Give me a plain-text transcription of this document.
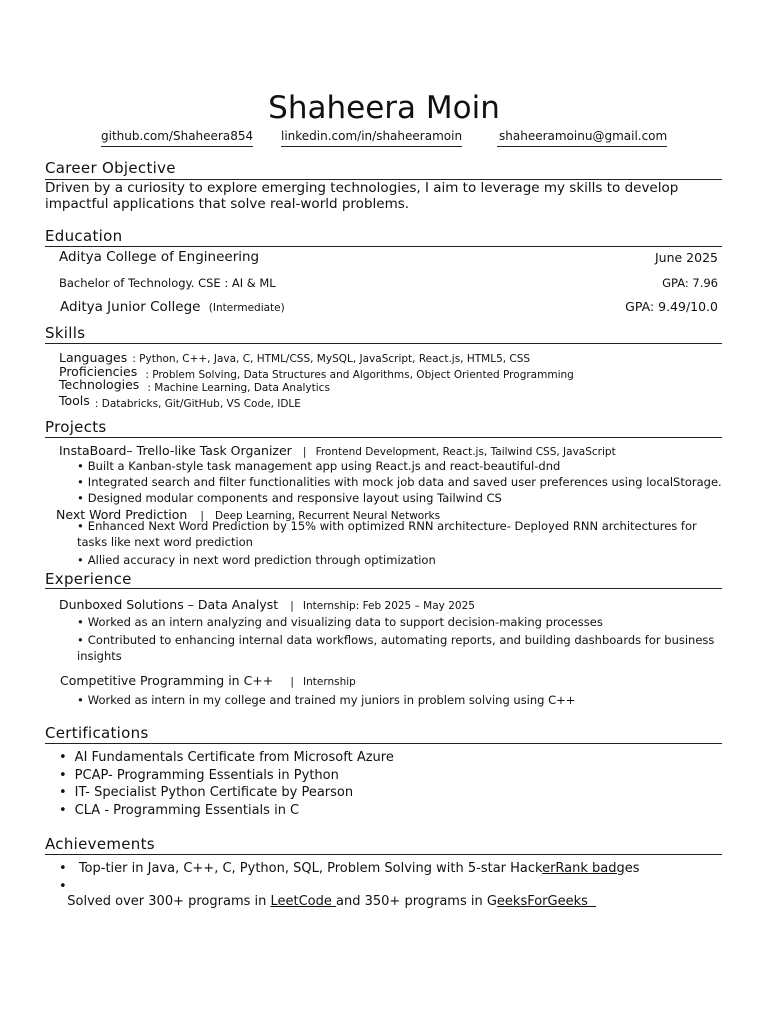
Shaheera Moin
github.com/Shaheera854 linkedin.com/in/shaheeramoin	shaheeramoinu@gmail.com
Career Objective
Driven by a curiosity to explore emerging technologies, I aim to leverage my skills to develop impactful applications that solve real-world problems.
Education
Aditya College of Engineering	June 2025
Bachelor of Technology. CSE : AI & ML	GPA: 7.96
Aditya Junior College (Intermediate)	GPA: 9.49/10.0
Skills
Languages : Python, C++, Java, C, HTML/CSS, MySQL, JavaScript, React.js, HTML5, CSS
Proficiencies : Problem Solving, Data Structures and Algorithms, Object Oriented Programming
Technologies : Machine Learning, Data Analytics
Tools : Databricks, Git/GitHub, VS Code, IDLE
Projects
InstaBoard– Trello-like Task Organizer | Frontend Development, React.js, Tailwind CSS, JavaScript
• Built a Kanban-style task management app using React.js and react-beautiful-dnd
• Integrated search and filter functionalities with mock job data and saved user preferences using localStorage.
• Designed modular components and responsive layout using Tailwind CS
Next Word Prediction | Deep Learning, Recurrent Neural Networks
• Enhanced Next Word Prediction by 15% with optimized RNN architecture- Deployed RNN architectures for tasks like next word prediction
• Allied accuracy in next word prediction through optimization
Experience
Dunboxed Solutions – Data Analyst | Internship: Feb 2025 – May 2025
• Worked as an intern analyzing and visualizing data to support decision-making processes
• Contributed to enhancing internal data workflows, automating reports, and building dashboards for business insights
Competitive Programming in C++ | Internship
• Worked as intern in my college and trained my juniors in problem solving using C++
Certifications
• AI Fundamentals Certificate from Microsoft Azure
• PCAP- Programming Essentials in Python
• IT- Specialist Python Certificate by Pearson
• CLA - Programming Essentials in C
Achievements
• Top-tier in Java, C++, C, Python, SQL, Problem Solving with 5-star HackerRank badges

• Solved over 300+ programs in LeetCode and 350+ programs in GeeksForGeeks
